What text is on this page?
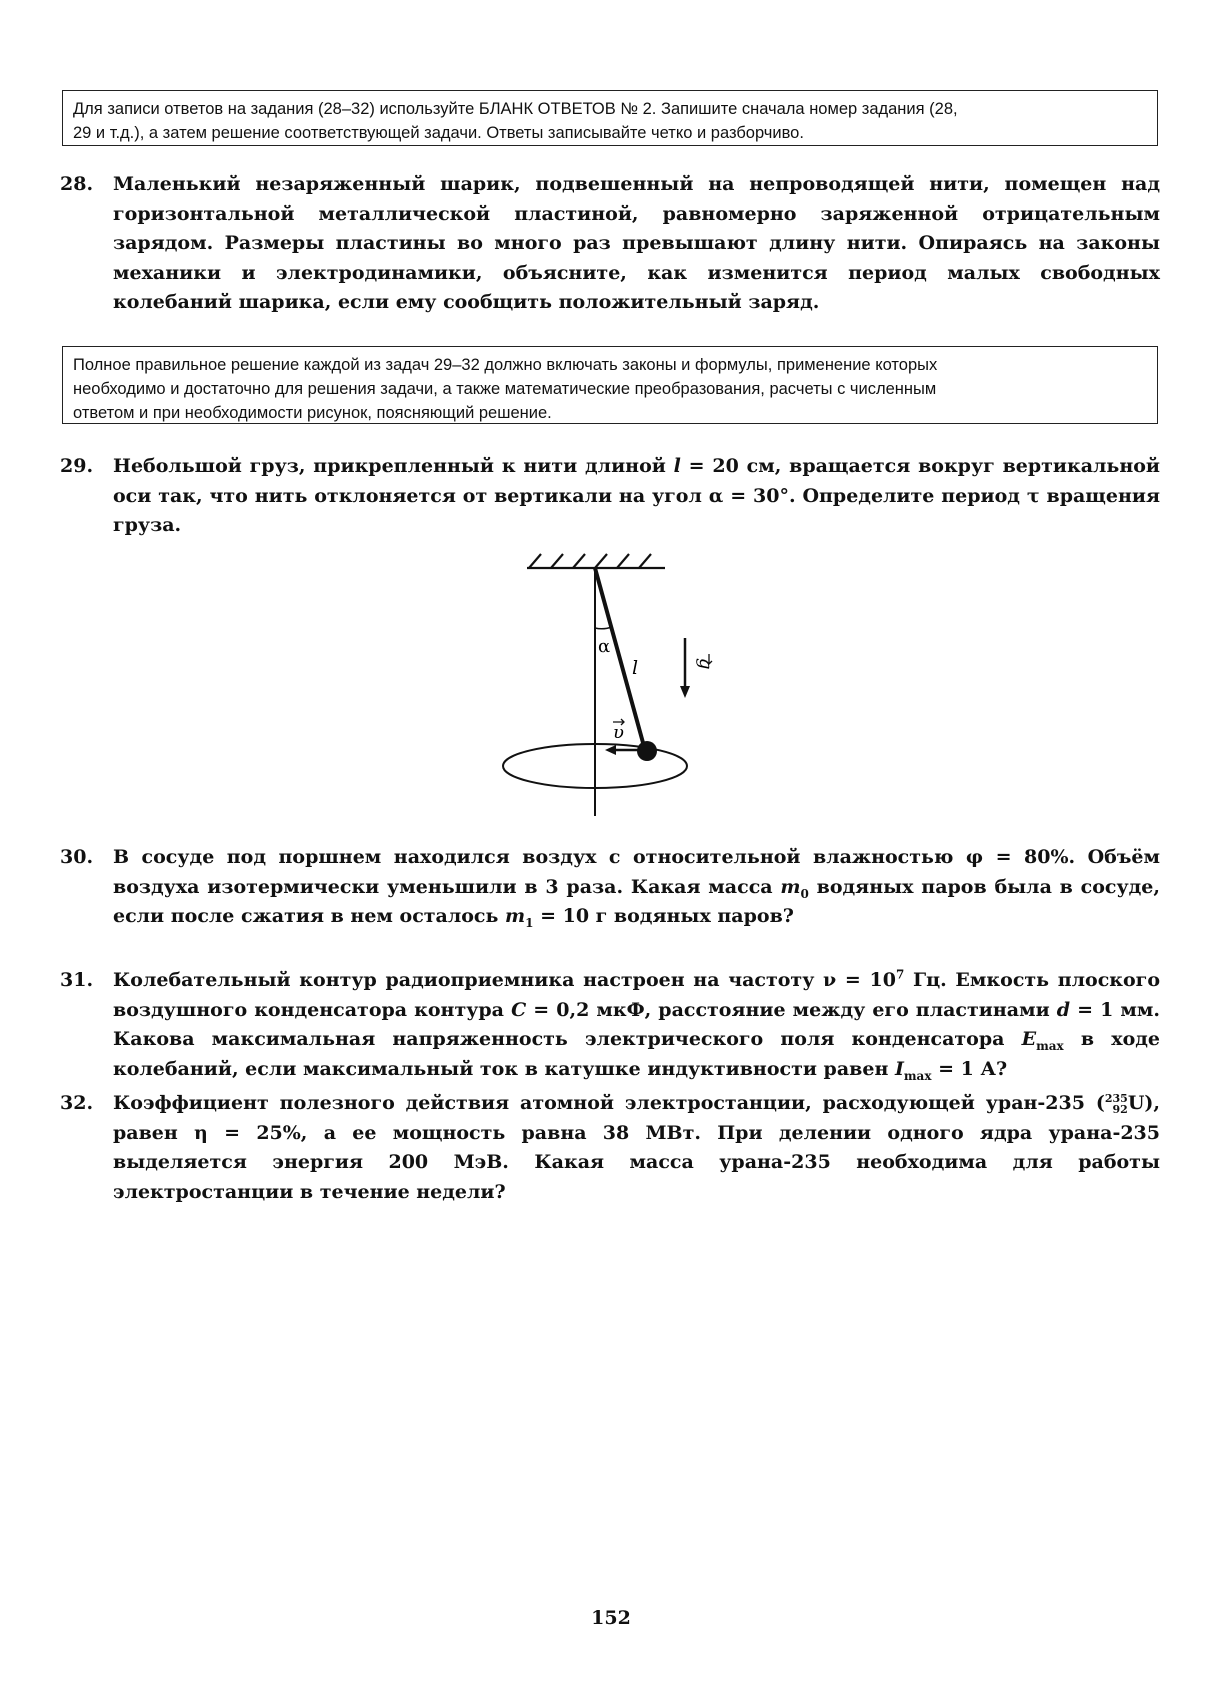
Для записи ответов на задания (28–32) используйте БЛАНК ОТВЕТОВ № 2. Запишите сначала номер задания (28,
29 и т.д.), а затем решение соответствующей задачи. Ответы записывайте четко и разборчиво.
28. Маленький незаряженный шарик, подвешенный на непроводящей нити, помещен над горизонтальной металлической пластиной, равномерно заряженной отрицательным зарядом. Размеры пластины во много раз превышают длину нити. Опираясь на законы механики и электродинамики, объясните, как изменится период малых свободных колебаний шарика, если ему сообщить положительный заряд.
Полное правильное решение каждой из задач 29–32 должно включать законы и формулы, применение которых
необходимо и достаточно для решения задачи, а также математические преобразования, расчеты с численным
ответом и при необходимости рисунок, поясняющий решение.
29. Небольшой груз, прикрепленный к нити длиной l = 20 см, вращается вокруг вертикальной оси так, что нить отклоняется от вертикали на угол α = 30°. Определите период τ вращения груза.
α
l
υ
g
30. В сосуде под поршнем находился воздух с относительной влажностью φ = 80%. Объём воздуха изотермически уменьшили в 3 раза. Какая масса $m_0$ водяных паров была в сосуде, если после сжатия в нем осталось $m_1 = 10$ г водяных паров?
31. Колебательный контур радиоприемника настроен на частоту $\nu = 10^7$ Гц. Емкость плоского воздушного конденсатора контура C = 0,2 мкФ, расстояние между его пластинами d = 1 мм. Какова максимальная напряженность электрического поля конденсатора $E_{max}$ в ходе колебаний, если максимальный ток в катушке индуктивности равен $I_{max} = 1$ А?
32. Коэффициент полезного действия атомной электростанции, расходующей уран-235 (235
92U), равен η = 25%, а ее мощность равна 38 МВт. При делении одного ядра урана-235 выделяется энергия 200 МэВ. Какая масса урана-235 необходима для работы электростанции в течение недели?
152
